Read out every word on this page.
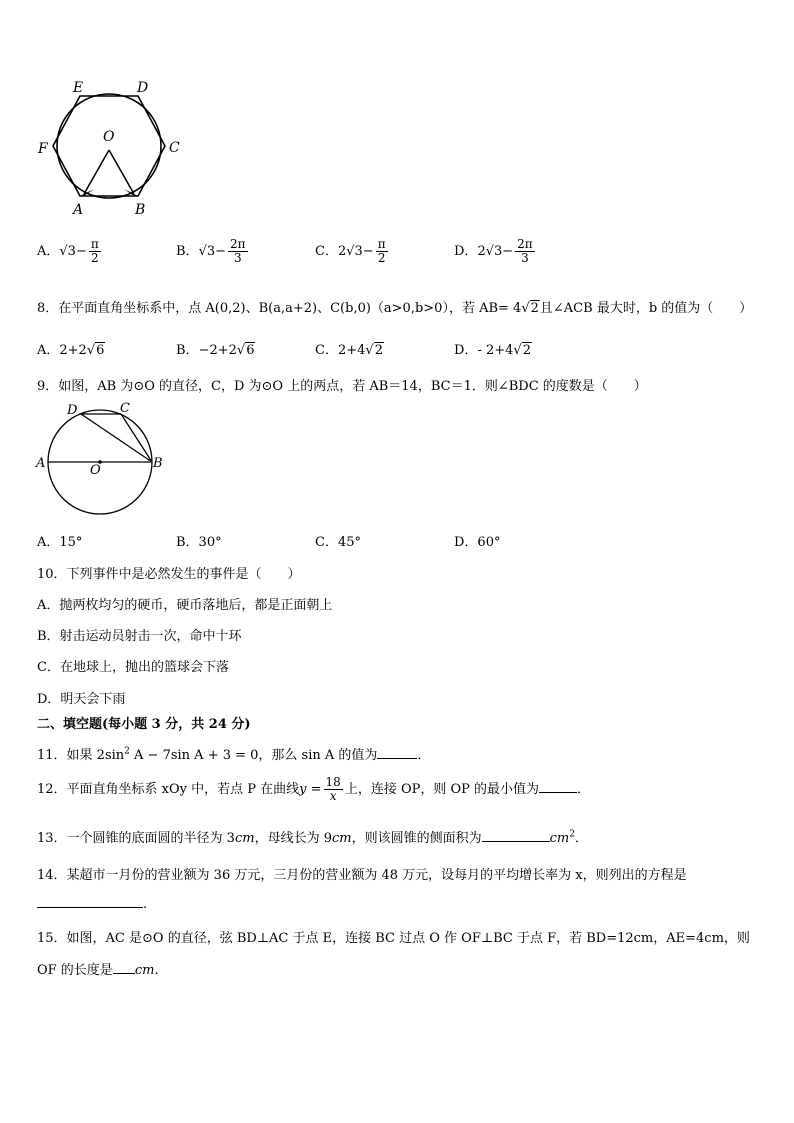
E	D
F	C
O
A	B
A．$√3- \frac{\pi}{2}$	B．$√3- \frac{2\pi}{3}$	C．$2√3- \frac{\pi}{2}$	D．$2√3- \frac{2\pi}{3}$
8．在平面直角坐标系中，点 A(0,2)、B(a,a+2)、C(b,0)（a>0,b>0），若 AB= 4√2且∠ACB 最大时，b 的值为（　　）
A．2+2√6	B．−2+2√6	C．2+4√2	D．- 2+4√2
9．如图，AB 为⊙O 的直径，C，D 为⊙O 上的两点，若 AB＝14，BC＝1．则∠BDC 的度数是（　　）
D	C
A	B
O
A．15°	B．30°	C．45°	D．60°
10．下列事件中是必然发生的事件是（　　）
A．抛两枚均匀的硬币，硬币落地后，都是正面朝上
B．射击运动员射击一次，命中十环
C．在地球上，抛出的篮球会下落
D．明天会下雨
二、填空题(每小题 3 分，共 24 分)
11．如果 $2\sin^2$ A − 7sin A + 3 = 0，那么 sin A 的值为	．
12．平面直角坐标系 xOy 中，若点 P 在曲线$y = \frac{18}{x}$ 上，连接 OP，则 OP 的最小值为	．
13．一个圆锥的底面圆的半径为 3cm，母线长为 9cm，则该圆锥的侧面积为	$cm^2$．
14．某超市一月份的营业额为 36 万元，三月份的营业额为 48 万元，设每月的平均增长率为 x，则列出的方程是
.
15．如图，AC 是⊙O 的直径，弦 BD⊥AC 于点 E，连接 BC 过点 O 作 OF⊥BC 于点 F，若 BD=12cm，AE=4cm，则
OF 的长度是 cm．
